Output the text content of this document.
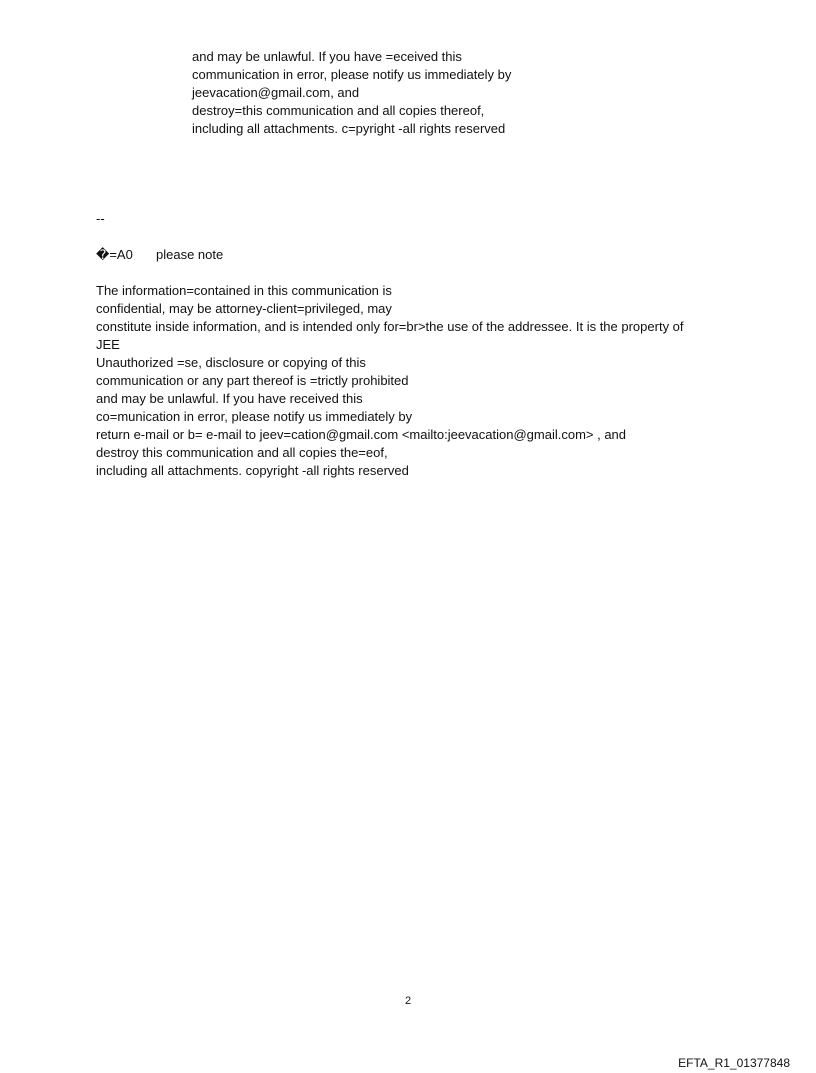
and may be unlawful. If you have =eceived this
communication in error, please notify us immediately by
jeevacation@gmail.com, and
destroy=this communication and all copies thereof,
including all attachments. c=pyright -all rights reserved
--
�=A0 please note
The information=contained in this communication is
confidential, may be attorney-client=privileged, may
constitute inside information, and is intended only for=br>the use of the addressee. It is the property of
JEE
Unauthorized =se, disclosure or copying of this
communication or any part thereof is =trictly prohibited
and may be unlawful. If you have received this
co=munication in error, please notify us immediately by
return e-mail or b= e-mail to jeev=cation@gmail.com <mailto:jeevacation@gmail.com> , and
destroy this communication and all copies the=eof,
including all attachments. copyright -all rights reserved
2
EFTA_R1_01377848
